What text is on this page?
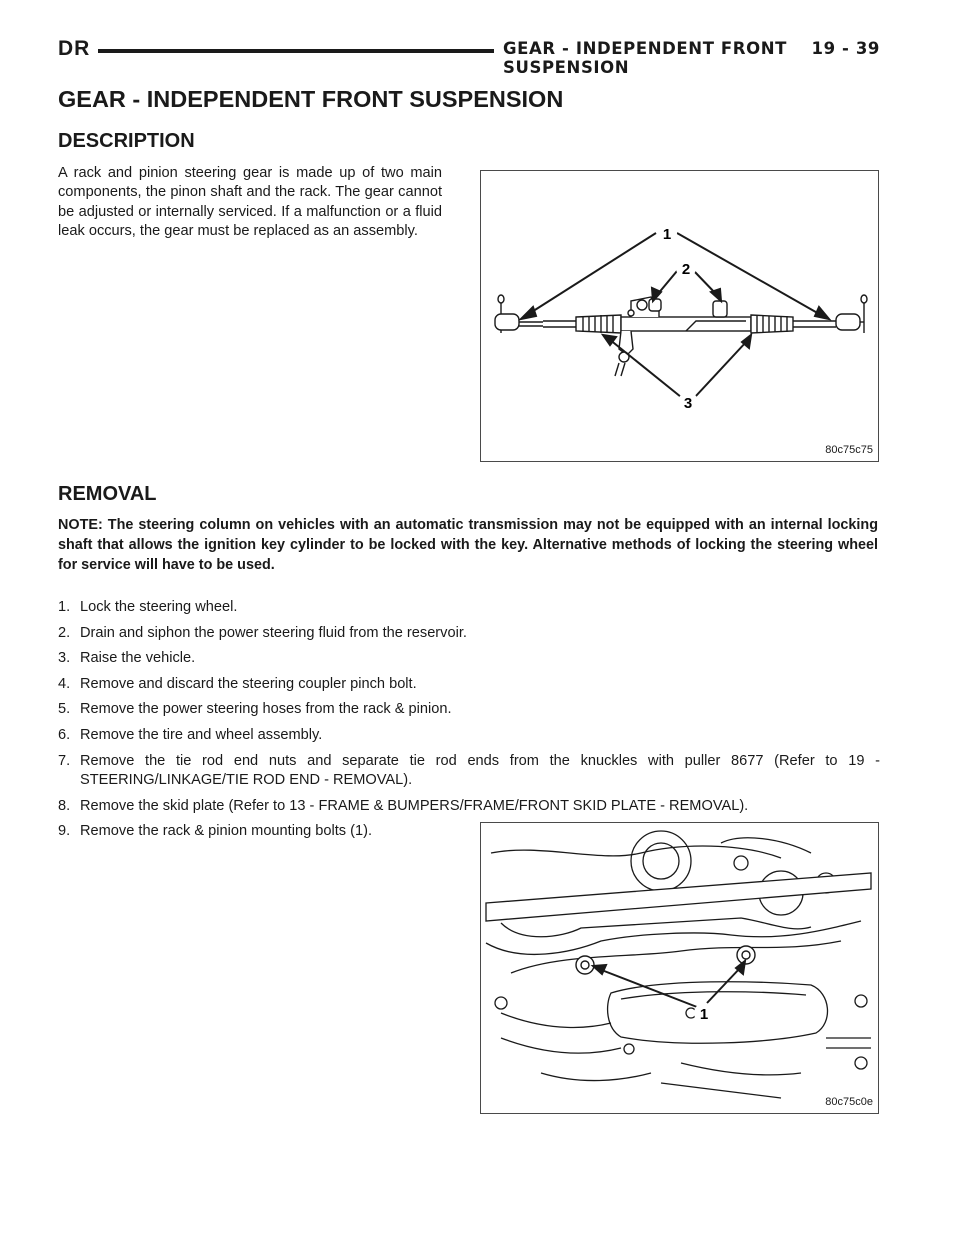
DR	GEAR - INDEPENDENT FRONT SUSPENSION
19 - 39
GEAR - INDEPENDENT FRONT SUSPENSION
DESCRIPTION

A rack and pinion steering gear is made up of two main components, the pinon shaft and the rack. The gear cannot be adjusted or internally serviced. If a malfunction or a fluid leak occurs, the gear must be replaced as an assembly.	1
2
3
80c75c75
REMOVAL

NOTE: The steering column on vehicles with an automatic transmission may not be equipped with an internal locking shaft that allows the ignition key cylinder to be locked with the key. Alternative methods of locking the steering wheel for service will have to be used.

1. Lock the steering wheel.
2. Drain and siphon the power steering fluid from the reservoir.
3. Raise the vehicle.
4. Remove and discard the steering coupler pinch bolt.
5. Remove the power steering hoses from the rack & pinion.
6. Remove the tire and wheel assembly.
7. Remove the tie rod end nuts and separate tie rod ends from the knuckles with puller 8677 (Refer to 19 - STEERING/LINKAGE/TIE ROD END - REMOVAL).
8. Remove the skid plate (Refer to 13 - FRAME & BUMPERS/FRAME/FRONT SKID PLATE - REMOVAL).
9. Remove the rack & pinion mounting bolts (1).
1
80c75c0e
